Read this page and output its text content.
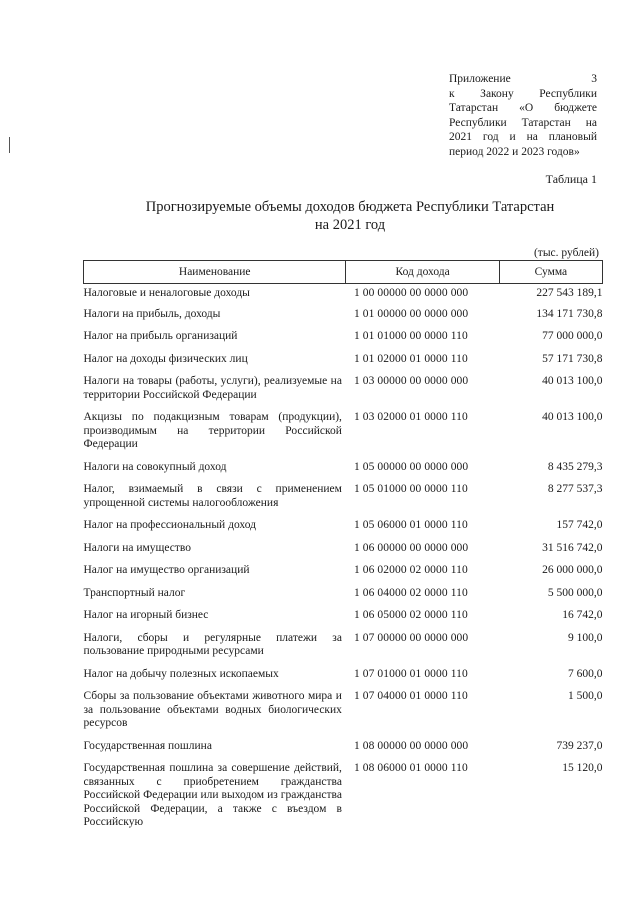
Приложение 3
к Закону Республики
Татарстан «О бюджете
Республики Татарстан на
2021 год и на плановый
период 2022 и 2023 годов»
Таблица 1
Прогнозируемые объемы доходов бюджета Республики Татарстан
на 2021 год
(тыс. рублей)
Наименование	Код дохода	Сумма
Налоговые и неналоговые доходы	1 00 00000 00 0000 000	227 543 189,1
Налоги на прибыль, доходы	1 01 00000 00 0000 000	134 171 730,8
Налог на прибыль организаций	1 01 01000 00 0000 110	77 000 000,0
Налог на доходы физических лиц	1 01 02000 01 0000 110	57 171 730,8
Налоги на товары (работы, услуги), реализуемые на территории Российской Федерации	1 03 00000 00 0000 000	40 013 100,0
Акцизы по подакцизным товарам (продукции), производимым на территории Российской Федерации	1 03 02000 01 0000 110	40 013 100,0
Налоги на совокупный доход	1 05 00000 00 0000 000	8 435 279,3
Налог, взимаемый в связи с применением упрощенной системы налогообложения	1 05 01000 00 0000 110	8 277 537,3
Налог на профессиональный доход	1 05 06000 01 0000 110	157 742,0
Налоги на имущество	1 06 00000 00 0000 000	31 516 742,0
Налог на имущество организаций	1 06 02000 02 0000 110	26 000 000,0
Транспортный налог	1 06 04000 02 0000 110	5 500 000,0
Налог на игорный бизнес	1 06 05000 02 0000 110	16 742,0
Налоги, сборы и регулярные платежи за пользование природными ресурсами	1 07 00000 00 0000 000	9 100,0
Налог на добычу полезных ископаемых	1 07 01000 01 0000 110	7 600,0
Сборы за пользование объектами животного мира и за пользование объектами водных биологических ресурсов	1 07 04000 01 0000 110	1 500,0
Государственная пошлина	1 08 00000 00 0000 000	739 237,0
Государственная пошлина за совершение действий, связанных с приобретением гражданства Российской Федерации или выходом из гражданства Российской Федерации, а также с въездом в Российскую	1 08 06000 01 0000 110	15 120,0
